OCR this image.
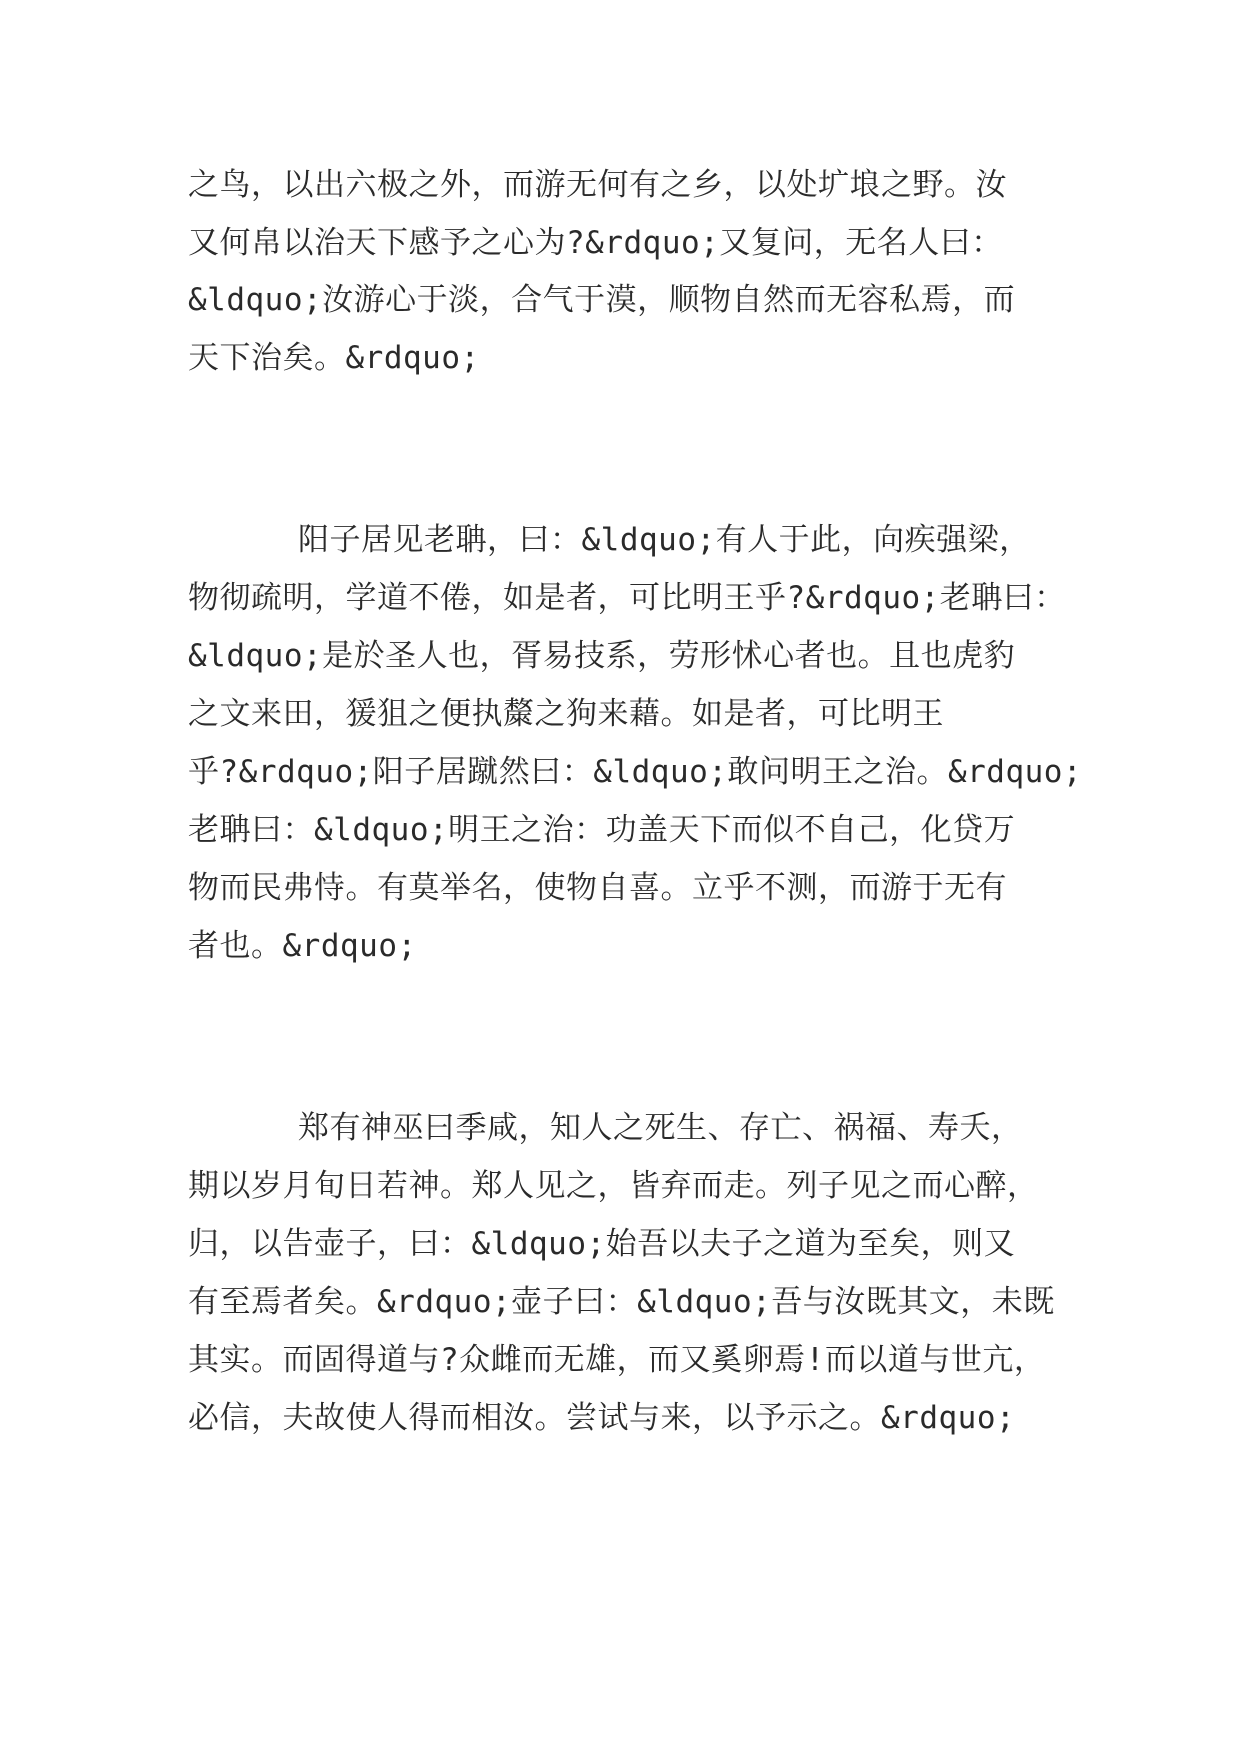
之鸟，以出六极之外，而游无何有之乡，以处圹埌之野。汝

又何帛以治天下感予之心为?&rdquo;又复问，无名人曰：

&ldquo;汝游心于淡，合气于漠，顺物自然而无容私焉，而

天下治矣。&rdquo;

阳子居见老聃，曰：&ldquo;有人于此，向疾强梁，

物彻疏明，学道不倦，如是者，可比明王乎?&rdquo;老聃曰：

&ldquo;是於圣人也，胥易技系，劳形怵心者也。且也虎豹

之文来田，猨狙之便执斄之狗来藉。如是者，可比明王

乎?&rdquo;阳子居蹴然曰：&ldquo;敢问明王之治。&rdquo;

老聃曰：&ldquo;明王之治：功盖天下而似不自己，化贷万

物而民弗恃。有莫举名，使物自喜。立乎不测，而游于无有

者也。&rdquo;

郑有神巫曰季咸，知人之死生、存亡、祸福、寿夭，

期以岁月旬日若神。郑人见之，皆弃而走。列子见之而心醉，

归，以告壶子，曰：&ldquo;始吾以夫子之道为至矣，则又

有至焉者矣。&rdquo;壶子曰：&ldquo;吾与汝既其文，未既

其实。而固得道与?众雌而无雄，而又奚卵焉!而以道与世亢，

必信，夫故使人得而相汝。尝试与来，以予示之。&rdquo;
